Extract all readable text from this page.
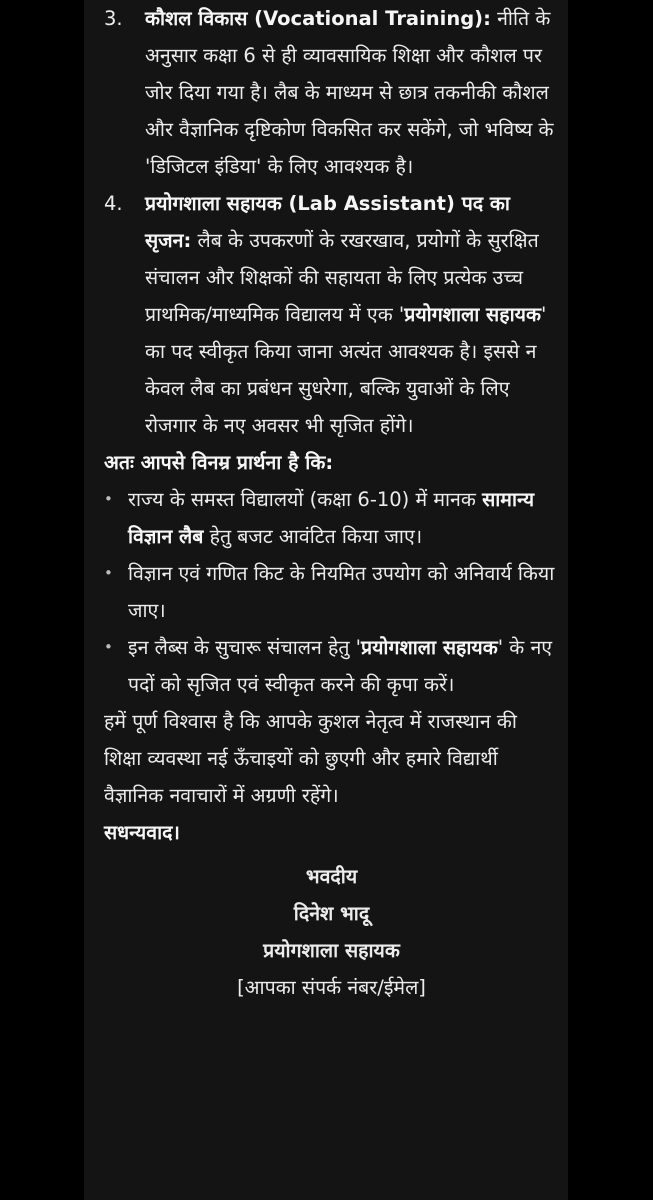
3.	कौशल विकास (Vocational Training): नीति के अनुसार कक्षा 6 से ही व्यावसायिक शिक्षा और कौशल पर जोर दिया गया है। लैब के माध्यम से छात्र तकनीकी कौशल और वैज्ञानिक दृष्टिकोण विकसित कर सकेंगे, जो भविष्य के 'डिजिटल इंडिया' के लिए आवश्यक है।

4.	प्रयोगशाला सहायक (Lab Assistant) पद का सृजन: लैब के उपकरणों के रखरखाव, प्रयोगों के सुरक्षित संचालन और शिक्षकों की सहायता के लिए प्रत्येक उच्च प्राथमिक/माध्यमिक विद्यालय में एक 'प्रयोगशाला सहायक' का पद स्वीकृत किया जाना अत्यंत आवश्यक है। इससे न केवल लैब का प्रबंधन सुधरेगा, बल्कि युवाओं के लिए रोजगार के नए अवसर भी सृजित होंगे।

अतः आपसे विनम्र प्रार्थना है कि:

• राज्य के समस्त विद्यालयों (कक्षा 6-10) में मानक सामान्य विज्ञान लैब हेतु बजट आवंटित किया जाए।

• विज्ञान एवं गणित किट के नियमित उपयोग को अनिवार्य किया जाए।

• इन लैब्स के सुचारू संचालन हेतु 'प्रयोगशाला सहायक' के नए पदों को सृजित एवं स्वीकृत करने की कृपा करें।

हमें पूर्ण विश्वास है कि आपके कुशल नेतृत्व में राजस्थान की शिक्षा व्यवस्था नई ऊँचाइयों को छुएगी और हमारे विद्यार्थी वैज्ञानिक नवाचारों में अग्रणी रहेंगे।

सधन्यवाद।

भवदीय

दिनेश भादू

प्रयोगशाला सहायक

[आपका संपर्क नंबर/ईमेल]
